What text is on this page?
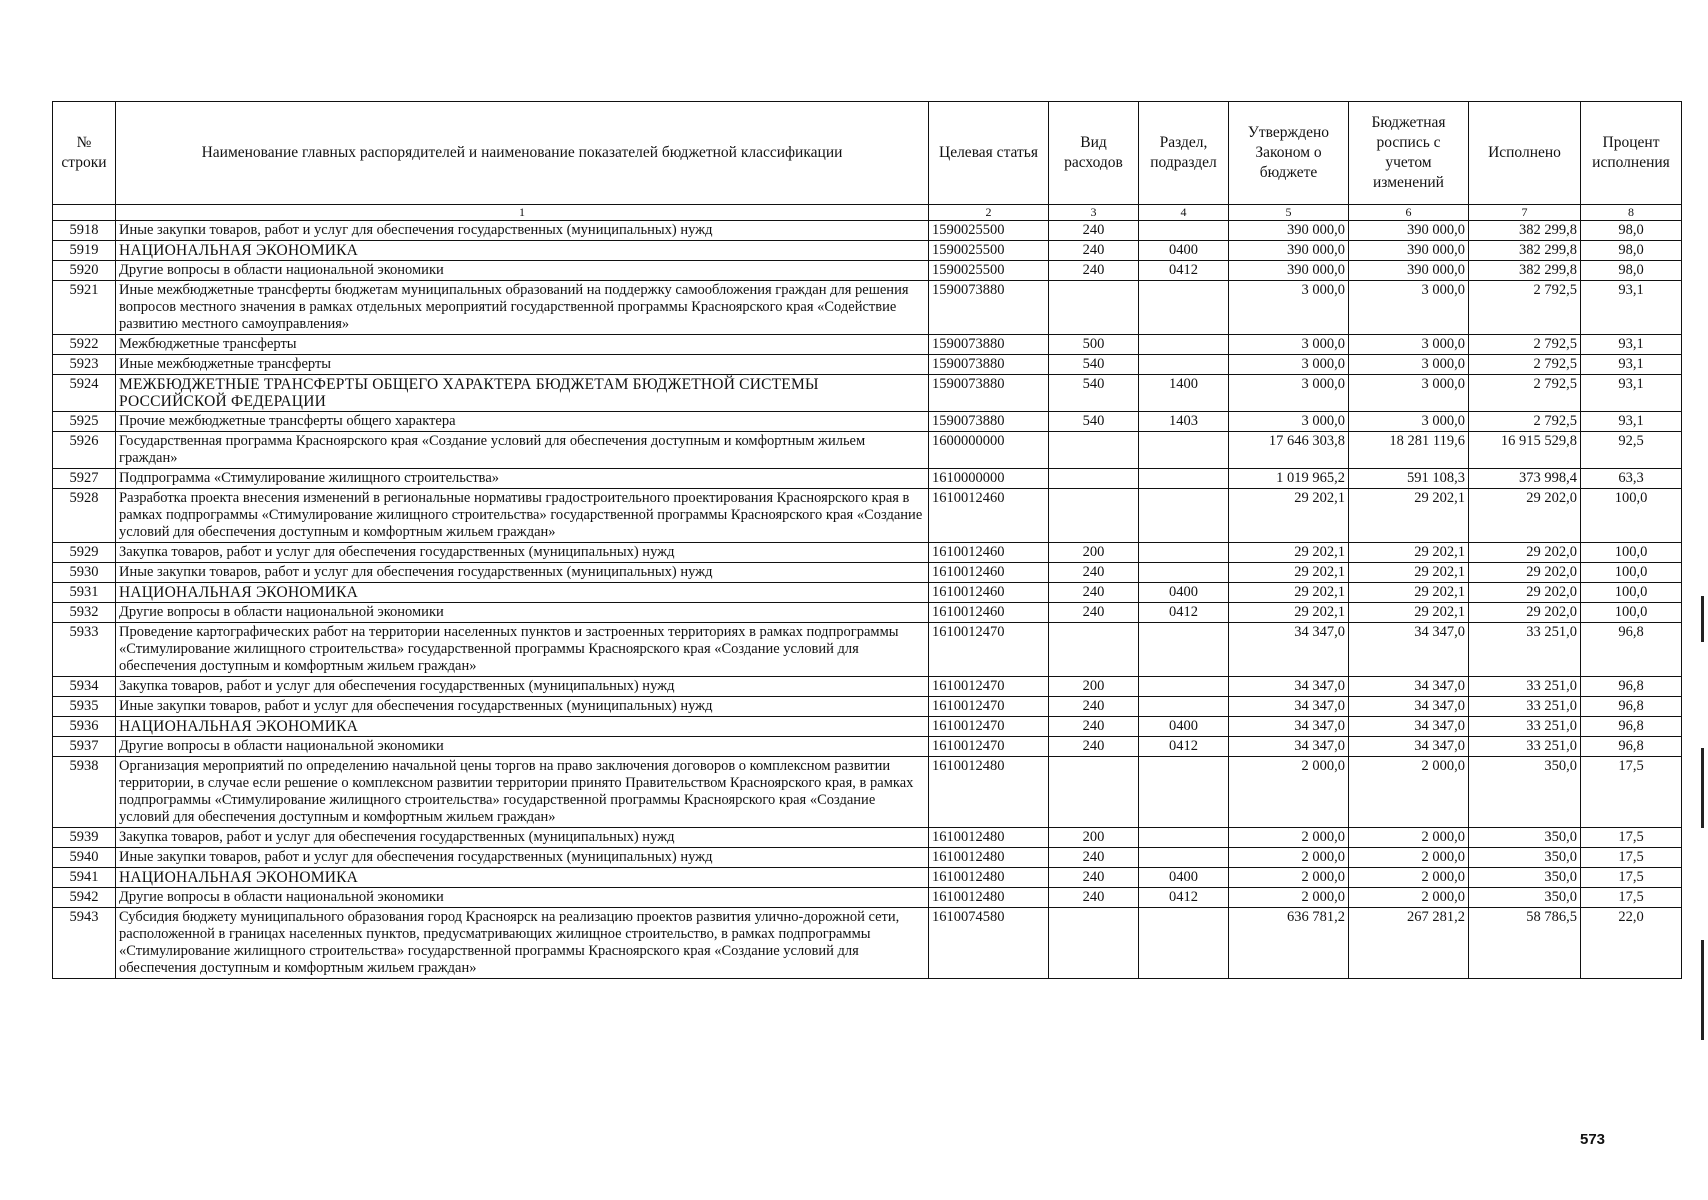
№ строки	Наименование главных распорядителей и наименование показателей бюджетной классификации	Целевая статья	Вид расходов	Раздел, подраздел	Утверждено Законом о бюджете	Бюджетная роспись с учетом изменений	Исполнено	Процент исполнения
	1	2	3	4	5	6	7	8
5918	Иные закупки товаров, работ и услуг для обеспечения государственных (муниципальных) нужд	1590025500	240		390 000,0	390 000,0	382 299,8	98,0
5919	НАЦИОНАЛЬНАЯ ЭКОНОМИКА	1590025500	240	0400	390 000,0	390 000,0	382 299,8	98,0
5920	Другие вопросы в области национальной экономики	1590025500	240	0412	390 000,0	390 000,0	382 299,8	98,0
5921	Иные межбюджетные трансферты бюджетам муниципальных образований на поддержку самообложения граждан для решения вопросов местного значения в рамках отдельных мероприятий государственной программы Красноярского края «Содействие развитию местного самоуправления»	1590073880			3 000,0	3 000,0	2 792,5	93,1
5922	Межбюджетные трансферты	1590073880	500		3 000,0	3 000,0	2 792,5	93,1
5923	Иные межбюджетные трансферты	1590073880	540		3 000,0	3 000,0	2 792,5	93,1
5924	МЕЖБЮДЖЕТНЫЕ ТРАНСФЕРТЫ ОБЩЕГО ХАРАКТЕРА БЮДЖЕТАМ БЮДЖЕТНОЙ СИСТЕМЫ РОССИЙСКОЙ ФЕДЕРАЦИИ	1590073880	540	1400	3 000,0	3 000,0	2 792,5	93,1
5925	Прочие межбюджетные трансферты общего характера	1590073880	540	1403	3 000,0	3 000,0	2 792,5	93,1
5926	Государственная программа Красноярского края «Создание условий для обеспечения доступным и комфортным жильем граждан»	1600000000			17 646 303,8	18 281 119,6	16 915 529,8	92,5
5927	Подпрограмма «Стимулирование жилищного строительства»	1610000000			1 019 965,2	591 108,3	373 998,4	63,3
5928	Разработка проекта внесения изменений в региональные нормативы градостроительного проектирования Красноярского края в рамках подпрограммы «Стимулирование жилищного строительства» государственной программы Красноярского края «Создание условий для обеспечения доступным и комфортным жильем граждан»	1610012460			29 202,1	29 202,1	29 202,0	100,0
5929	Закупка товаров, работ и услуг для обеспечения государственных (муниципальных) нужд	1610012460	200		29 202,1	29 202,1	29 202,0	100,0
5930	Иные закупки товаров, работ и услуг для обеспечения государственных (муниципальных) нужд	1610012460	240		29 202,1	29 202,1	29 202,0	100,0
5931	НАЦИОНАЛЬНАЯ ЭКОНОМИКА	1610012460	240	0400	29 202,1	29 202,1	29 202,0	100,0
5932	Другие вопросы в области национальной экономики	1610012460	240	0412	29 202,1	29 202,1	29 202,0	100,0
5933	Проведение картографических работ на территории населенных пунктов и застроенных территориях в рамках подпрограммы «Стимулирование жилищного строительства» государственной программы Красноярского края «Создание условий для обеспечения доступным и комфортным жильем граждан»	1610012470			34 347,0	34 347,0	33 251,0	96,8
5934	Закупка товаров, работ и услуг для обеспечения государственных (муниципальных) нужд	1610012470	200		34 347,0	34 347,0	33 251,0	96,8
5935	Иные закупки товаров, работ и услуг для обеспечения государственных (муниципальных) нужд	1610012470	240		34 347,0	34 347,0	33 251,0	96,8
5936	НАЦИОНАЛЬНАЯ ЭКОНОМИКА	1610012470	240	0400	34 347,0	34 347,0	33 251,0	96,8
5937	Другие вопросы в области национальной экономики	1610012470	240	0412	34 347,0	34 347,0	33 251,0	96,8
5938	Организация мероприятий по определению начальной цены торгов на право заключения договоров о комплексном развитии территории, в случае если решение о комплексном развитии территории принято Правительством Красноярского края, в рамках подпрограммы «Стимулирование жилищного строительства» государственной программы Красноярского края «Создание условий для обеспечения доступным и комфортным жильем граждан»	1610012480			2 000,0	2 000,0	350,0	17,5
5939	Закупка товаров, работ и услуг для обеспечения государственных (муниципальных) нужд	1610012480	200		2 000,0	2 000,0	350,0	17,5
5940	Иные закупки товаров, работ и услуг для обеспечения государственных (муниципальных) нужд	1610012480	240		2 000,0	2 000,0	350,0	17,5
5941	НАЦИОНАЛЬНАЯ ЭКОНОМИКА	1610012480	240	0400	2 000,0	2 000,0	350,0	17,5
5942	Другие вопросы в области национальной экономики	1610012480	240	0412	2 000,0	2 000,0	350,0	17,5
5943	Субсидия бюджету муниципального образования город Красноярск на реализацию проектов развития улично-дорожной сети, расположенной в границах населенных пунктов, предусматривающих жилищное строительство, в рамках подпрограммы «Стимулирование жилищного строительства» государственной программы Красноярского края «Создание условий для обеспечения доступным и комфортным жильем граждан»	1610074580			636 781,2	267 281,2	58 786,5	22,0
573
